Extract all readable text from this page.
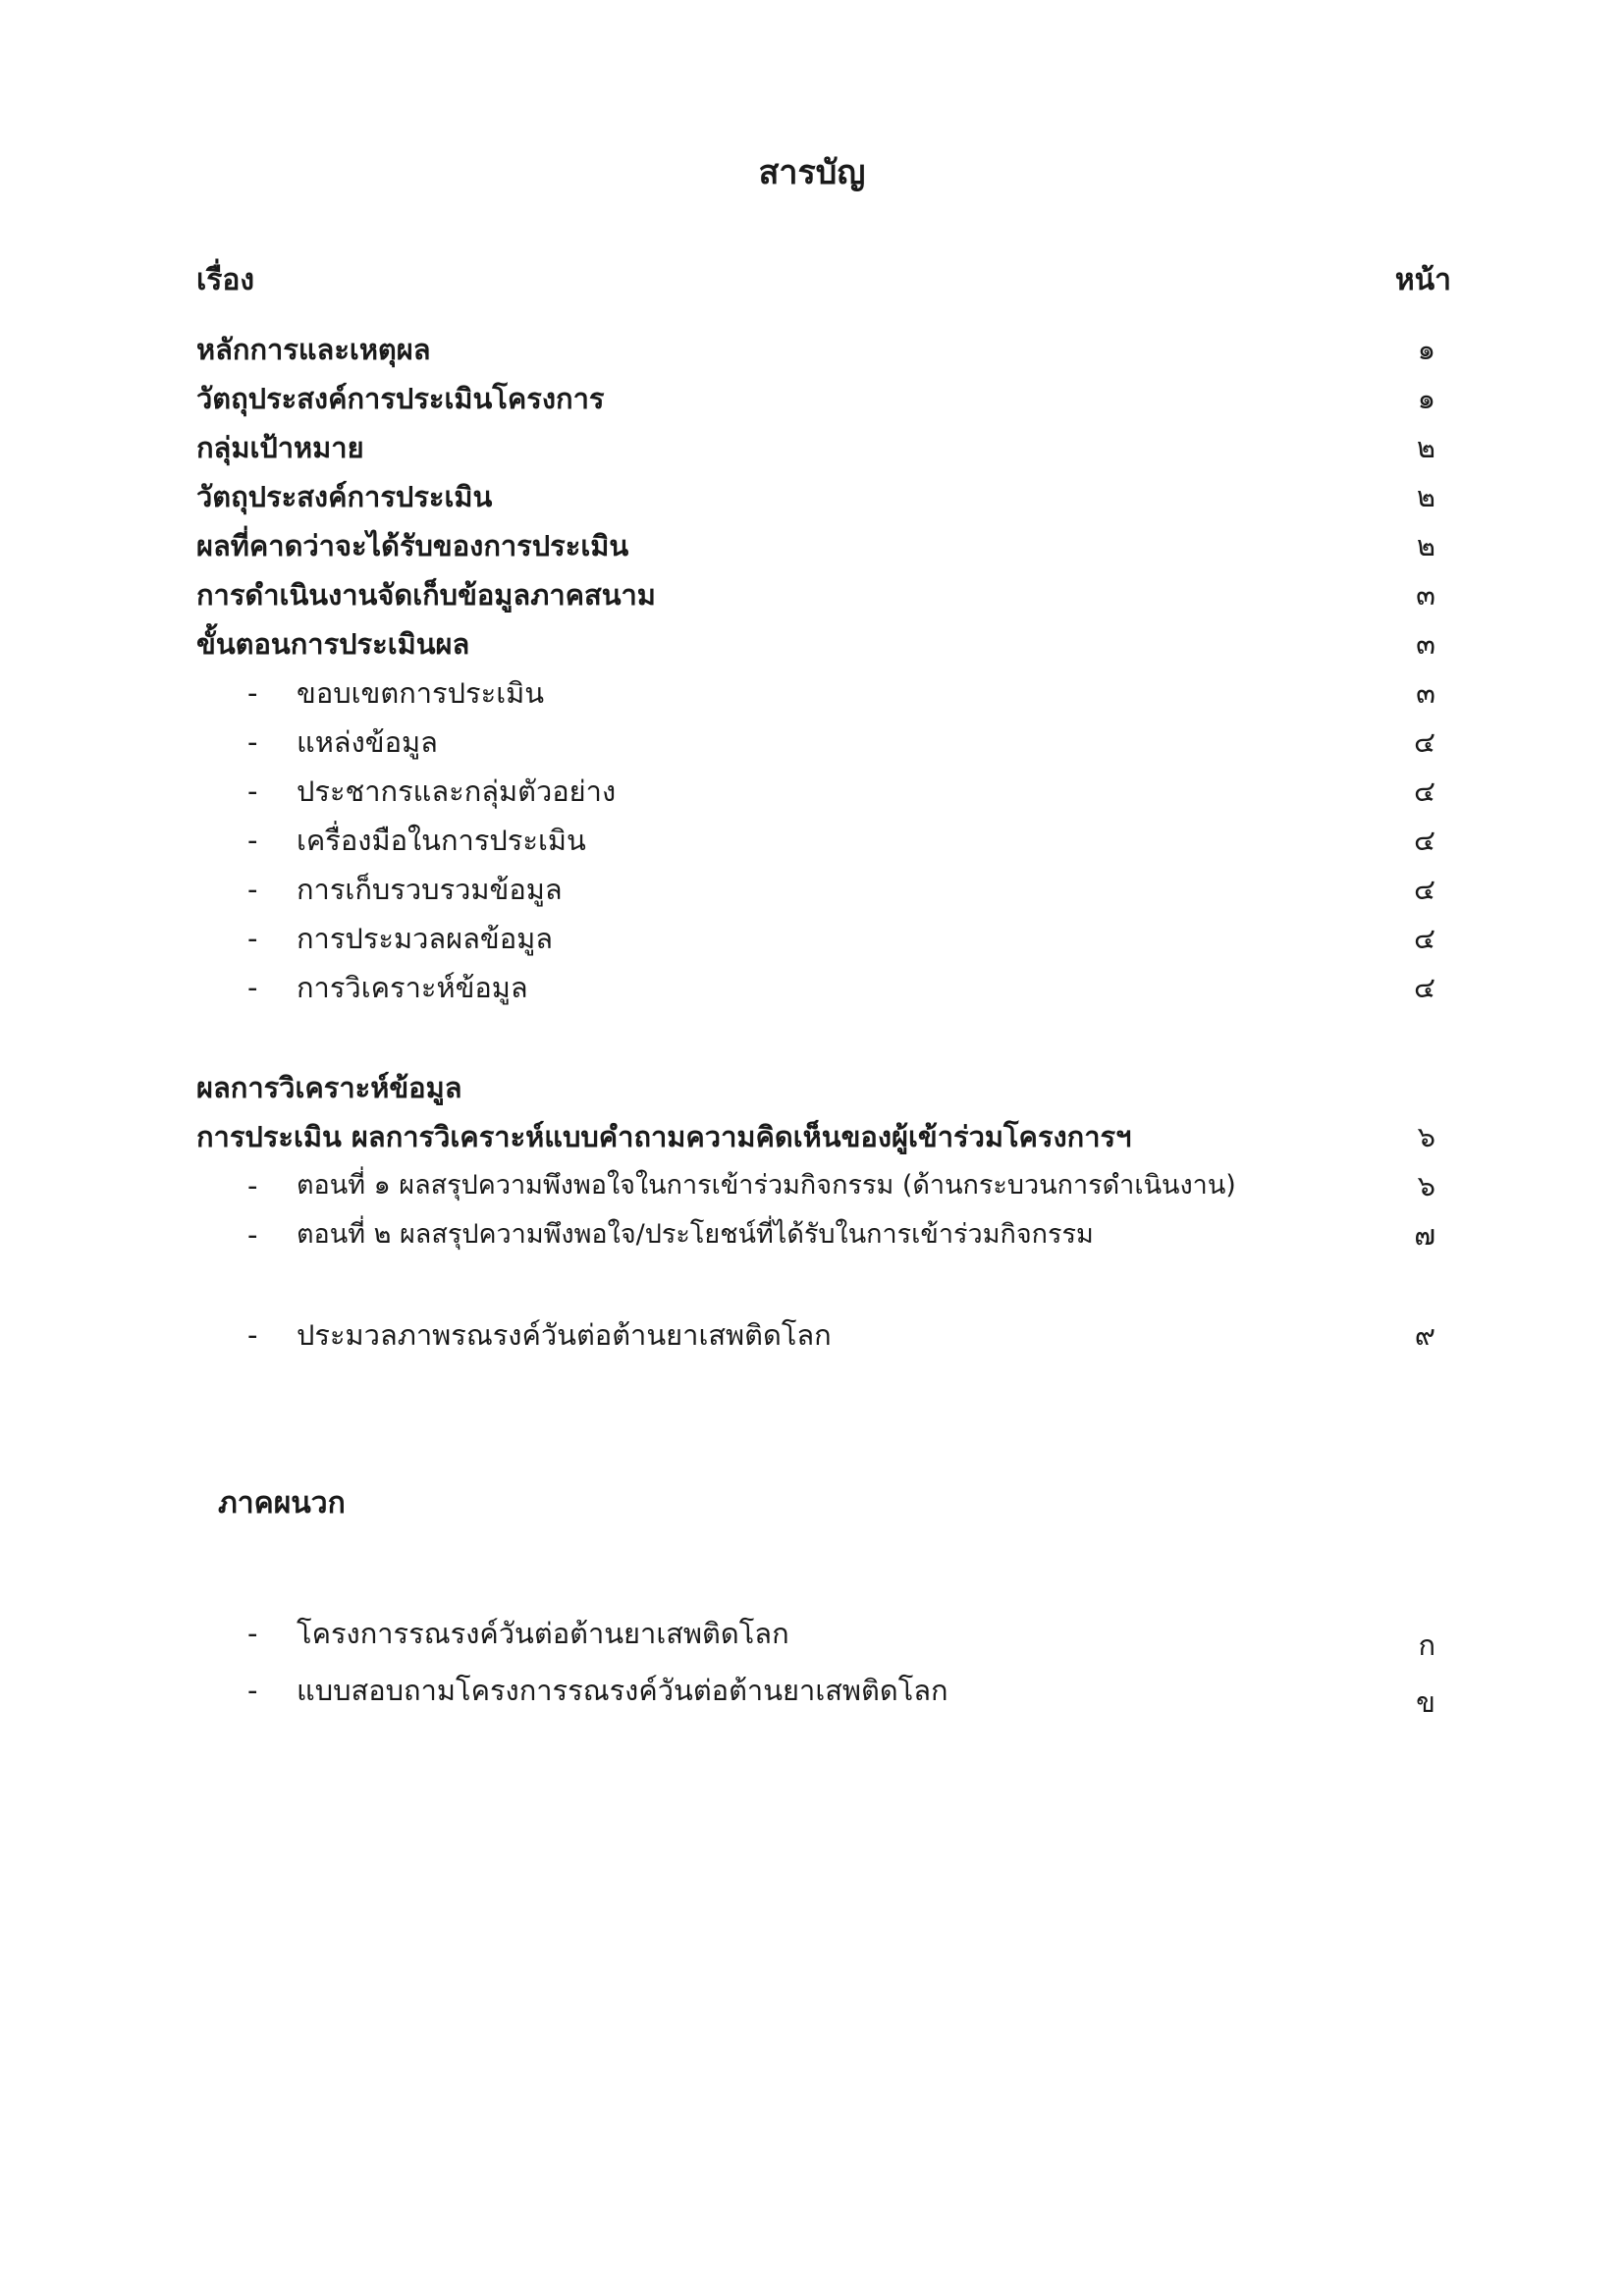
สารบัญ
เรื่อง	หน้า
หลักการและเหตุผล	๑
วัตถุประสงค์การประเมินโครงการ	๑
กลุ่มเป้าหมาย	๒
วัตถุประสงค์การประเมิน	๒
ผลที่คาดว่าจะได้รับของการประเมิน	๒
การดำเนินงานจัดเก็บข้อมูลภาคสนาม	๓
ขั้นตอนการประเมินผล	๓
- ขอบเขตการประเมิน	๓
- แหล่งข้อมูล	๔
- ประชากรและกลุ่มตัวอย่าง	๔
- เครื่องมือในการประเมิน	๔
- การเก็บรวบรวมข้อมูล	๔
- การประมวลผลข้อมูล	๔
- การวิเคราะห์ข้อมูล	๔
ผลการวิเคราะห์ข้อมูล
การประเมิน ผลการวิเคราะห์แบบคำถามความคิดเห็นของผู้เข้าร่วมโครงการฯ	๖
- ตอนที่ ๑ ผลสรุปความพึงพอใจในการเข้าร่วมกิจกรรม (ด้านกระบวนการดำเนินงาน)	๖
- ตอนที่ ๒ ผลสรุปความพึงพอใจ/ประโยชน์ที่ได้รับในการเข้าร่วมกิจกรรม	๗
- ประมวลภาพรณรงค์วันต่อต้านยาเสพติดโลก	๙
ภาคผนวก
- โครงการรณรงค์วันต่อต้านยาเสพติดโลก	ก
- แบบสอบถามโครงการรณรงค์วันต่อต้านยาเสพติดโลก	ข
